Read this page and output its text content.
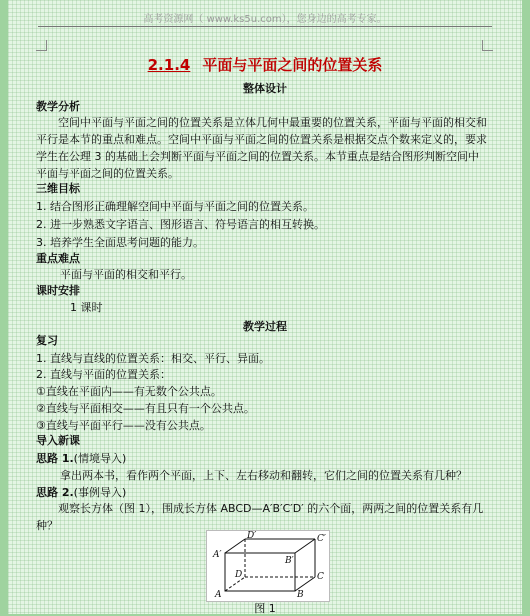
高考资源网（ www.ks5u.com），您身边的高考专家。
2.1.4 平面与平面之间的位置关系
整体设计
教学分析
空间中平面与平面之间的位置关系是立体几何中最重要的位置关系，平面与平面的相交和平行是本节的重点和难点。空间中平面与平面之间的位置关系是根据交点个数来定义的，要求学生在公理 3 的基础上会判断平面与平面之间的位置关系。本节重点是结合图形判断空间中平面与平面之间的位置关系。
三维目标
1. 结合图形正确理解空间中平面与平面之间的位置关系。
2. 进一步熟悉文字语言、图形语言、符号语言的相互转换。
3. 培养学生全面思考问题的能力。
重点难点
平面与平面的相交和平行。
课时安排
1 课时
教学过程
复习
1. 直线与直线的位置关系：相交、平行、异面。
2. 直线与平面的位置关系：
①直线在平面内——有无数个公共点。
②直线与平面相交——有且只有一个公共点。
③直线与平面平行——没有公共点。
导入新课
思路 1.(情境导入)
拿出两本书，看作两个平面，上下、左右移动和翻转，它们之间的位置关系有几种？
思路 2.(事例导入)
观察长方体（图 1），围成长方体 ABCD—A′B′C′D′ 的六个面，两两之间的位置关系有几种？
D′	C′
A′
B′
D	C
A	B
图 1
